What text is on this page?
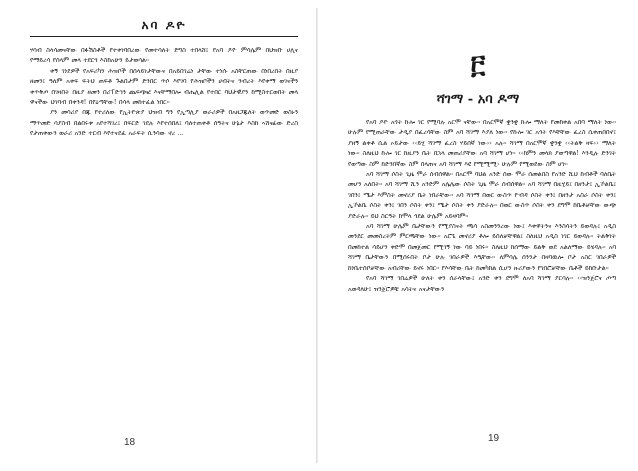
አባ ዶዮ

ሃሳብ ስላሳመናቸው በፋሽስቶች የተቀነባበረው የመተሳለት ድግስ ተበላሸ፤ የአባ ዶዮ ምሳሌም በህዝቡ ሀሊና የማይረሳ የሰላም መላ ተደርጎ እስከአሁን ይታወሳል፡፡

ቀኝ ገነደዎች የአፍሪካን ሕዝቦች በሰላይነታቸውና በአይበገሬነ ታቸው ተነሱ አስቸርጠው በነበረበት በዚያ ዘመን፤ ዓለም አቀፍ ፍትህ ጠፍቶ ጉልበታም ድንበር ጥሶ እየገባ የሕዝቦችን ሀብትና ንብረት እየቀማ ወገናችን ቀጥቅጦ በገዛበት በዚያ ዘመን በሪፐድኅን ጨፍጭፎ እናቸማበሎ ብሔሊል የተበር ባህታዊያን ከሚስተርወበት መላ ዋናችው ህገባብ በቀንዳ! በየዕጣቸው! በሳላ መከተፈል ነበር፡፡

ያን መሳሪያ በጁ የተሪለው የኢትዮጵያ ህዝብ ግን የኢጣሊያ ወራሪዎች በአዘጋጁለት ወጥመድ ወስኑን ማጥመድ ሳያስብ በልበሩቱ አየተሻገረ፤ በፍርድ ገደሉ እየተሰበለ፤ ባለተጠቀቶ ሰዓትና ሁኔታ እስከ ኣሸናፊው ድረስ የታጠቀውን ወራሪ አንድ ተርብ እየተናደፈ አራፍት ሲንሳው ኖረ ...

18
፫
ሻገማ - አባ ዶማ

የአባ ዶዮ አጎት ኩሎ ገር የሚባሉ አርሞ ናቸው፡፡ በአርሞኛ ቋንቋ ኩሎ ማለት የመከቀል አበባ ማለት ነው፡፡ ሁሉም የሚጠራቸው ታዲያ በፈረሳቸው ስም አባ ሻገማ እያለ ነው፡፡ የኩሎ ገር አጎት የእቸቸው ፈረስ ሲቀጠበበኖ፤ ያዘኝ ልቀቶ ሲል ኦይታው ‹‹ይሂ ሻገማ ፈረስ ሃይሰኛ ነው›› አሉ፡፡ ሻገማ በአርሞኛ ቋንቋ ‹‹ትልቅ ዛፍ›› ማለት ነው፡፡ ስለዚህ ኩሎ ገር ከዚያን ቤት በኋላ መጠሪያቸው አባ ሻገማ ሆነ፡፡ ‹‹ከምን መላክ ያወጣዋል! እንዲሉ ድንገት የወጣው ስም ከድንበኛው ስም በላጠና አባ ሻገማ እዩ የሚሚሚ› ሁሉም የሚወደው ስም ሆነ፡፡

አባ ሻገማ ሶስት ጊዜ ሞራ ሰብሰዋል፡፡ በአርሞ ባህል አንድ ሰው ሞራ ሰመልበስ የአንድ ሺህ ከብቶች ባለቤት መሆን አለበት፡፡ አባ ሻገማ ሺን አንድም አሌሌው ሶስት ጊዜ ሞራ ሰብሰዋል፡፡ አባ ሻገማ በዚሂይ፤ በዘንታ፤ ኢኾልቤ፤ ገበን፤ ሜታ እምስት መኖሪያ ቤት ነበራቸው፡፡ አባ ሻገማ በወር ውስጥ ዮብዳ ሶስት ቀን፤ በዘንታ አስራ ሶስት ቀን፤ ኢኾልቤ ሶስት ቀን፤ ገበን ሶስት ቀን፤ ሜታ ሶስት ቀን ያድራሉ፡፡ በወር ውስጥ ሶስት ቀን ደግሞ ከቤቶቻቸው ውጭ ያድራሉ፡፡ ይህ ስርዓት ከሞላ ጎደል ሁሌም አይዛባም፡፡

አባ ሻገማ ሁሌም ቤታቸውን የሚያስናት ጫሳ አስመንንረው ነው፤ እቀዋትንና እንስሳትን ይወዳሉ፤ አዲስ መንደር መመስረትም ምርጫቸው ነው፡፡ አሮጌ መኖሪያ ቶሎ ይሰለቻቸዋል፤ ስለዚህ አዲስ ነገር ይወዳሉ፡፡ ትልቅነት በመከተል ሳይሆን ቀድሞ በመጀመር የሚገኝ ነው ባይ ነበሩ፡፡ ስለዚህ ከሰማው ይልቅ ወደ አልለማው ይሄዳሉ፡፡ አባ ሻገማ ቤታቸውን በሚሰሩበት ቦታ ሁሉ ገበራዎች እዒቸው፡፡ ለምሳሌ ሰንንታ በዛባዉሎ ቦታ አስር ገበራዎች ከነቤተሰቦቻቸው አብሪቸው ይኖሩ ነበር፡፡ የእሳቸው ቤት ከመካከል ሲሆን ዙሪያውን የገበሮቻቸው ቤቶች ይከቡታል፡፡

የአባ ሻገማ ገበሬዎች ሁለት ቀን ሰራላቸው፤ አንድ ቀን ደግሞ ለአባ ሻገማ ያርሳሉ፡፡ ‹‹ዝንጀሮና ጦጣ አወዳለሁ፤ ዝንጀሮዎቹ አሳትና አናታቸውን

19
